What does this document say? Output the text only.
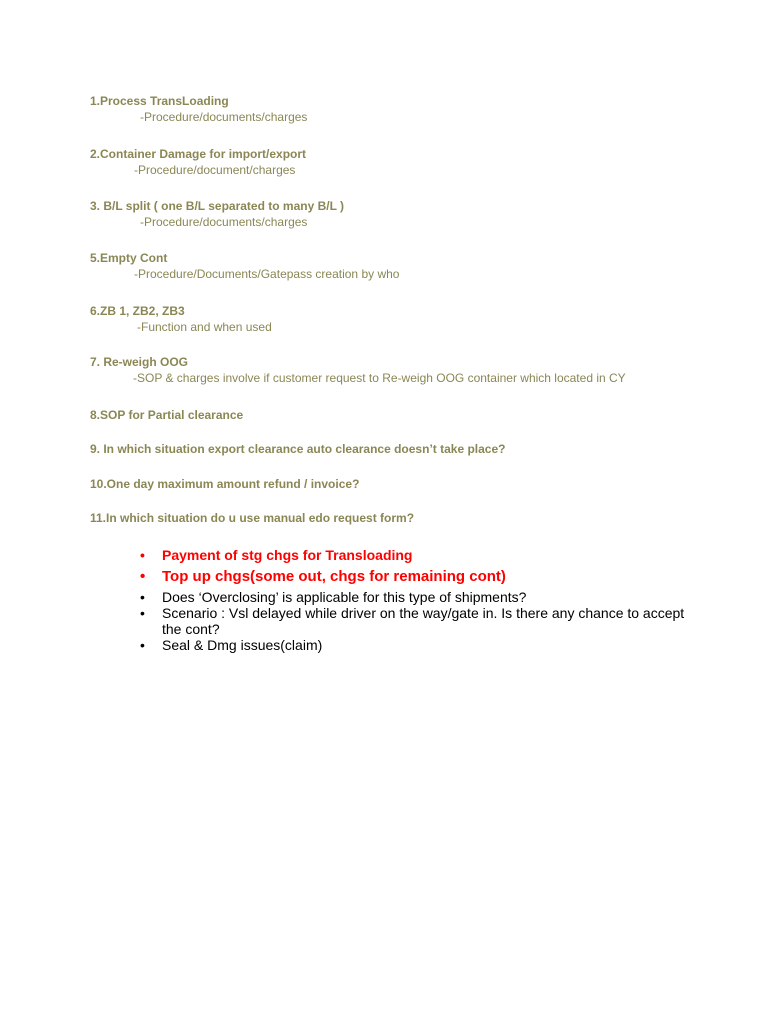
1.Process TransLoading
-Procedure/documents/charges
2.Container Damage for import/export
-Procedure/document/charges
3. B/L split ( one B/L separated to many B/L )
-Procedure/documents/charges
5.Empty Cont
-Procedure/Documents/Gatepass creation by who
6.ZB 1, ZB2, ZB3
-Function and when used
7. Re-weigh OOG
-SOP & charges involve if customer request to Re-weigh OOG container which located in CY
8.SOP for Partial clearance
9. In which situation export clearance auto clearance doesn’t take place?
10.One day maximum amount refund / invoice?
11.In which situation do u use manual edo request form?
•	Payment of stg chgs for Transloading
•	Top up chgs(some out, chgs for remaining cont)
•	Does ‘Overclosing’ is applicable for this type of shipments?
•	Scenario : Vsl delayed while driver on the way/gate in. Is there any chance to accept the cont?
•	Seal & Dmg issues(claim)
